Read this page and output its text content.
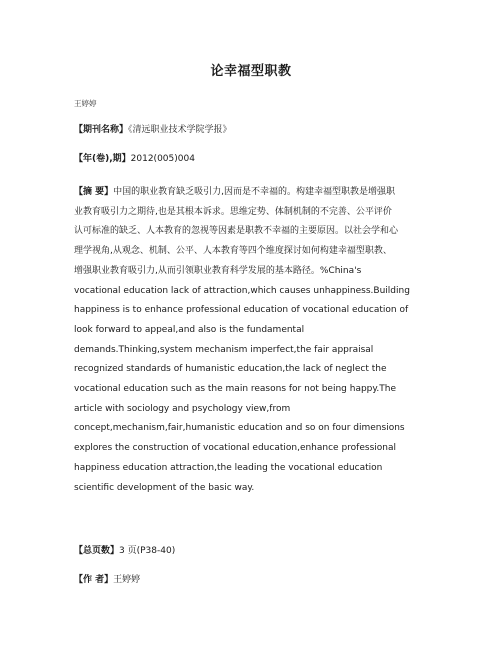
论幸福型职教
王婷婷
【期刊名称】《清远职业技术学院学报》
【年(卷),期】2012(005)004
【摘 要】中国的职业教育缺乏吸引力,因而是不幸福的。构建幸福型职教是增强职
业教育吸引力之期待,也是其根本诉求。思维定势、体制机制的不完善、公平评价
认可标准的缺乏、人本教育的忽视等因素是职教不幸福的主要原因。以社会学和心
理学视角,从观念、机制、公平、人本教育等四个维度探讨如何构建幸福型职教、
增强职业教育吸引力,从而引领职业教育科学发展的基本路径。%China's
vocational education lack of attraction,which causes unhappiness.Building
happiness is to enhance professional education of vocational education of
look forward to appeal,and also is the fundamental
demands.Thinking,system mechanism imperfect,the fair appraisal
recognized standards of humanistic education,the lack of neglect the
vocational education such as the main reasons for not being happy.The
article with sociology and psychology view,from
concept,mechanism,fair,humanistic education and so on four dimensions
explores the construction of vocational education,enhance professional
happiness education attraction,the leading the vocational education
scientific development of the basic way.
【总页数】3 页(P38-40)
【作 者】王婷婷
